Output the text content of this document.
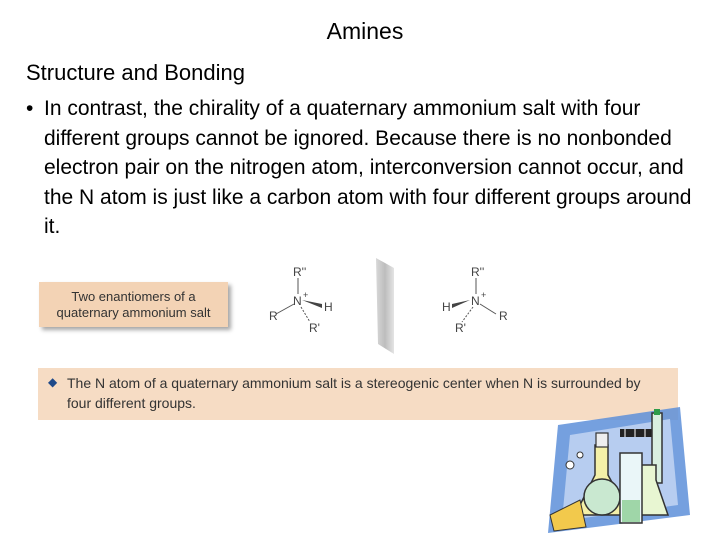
Amines
Structure and Bonding
• In contrast, the chirality of a quaternary ammonium salt with four different groups cannot be ignored. Because there is no nonbonded electron pair on the nitrogen atom, interconversion cannot occur, and the N atom is just like a carbon atom with four different groups around it.
Two enantiomers of a
quaternary ammonium salt
R''
N +
H
R
R'
R''
N +
H
R
R'
◆ The N atom of a quaternary ammonium salt is a stereogenic center when N is surrounded by four different groups.
